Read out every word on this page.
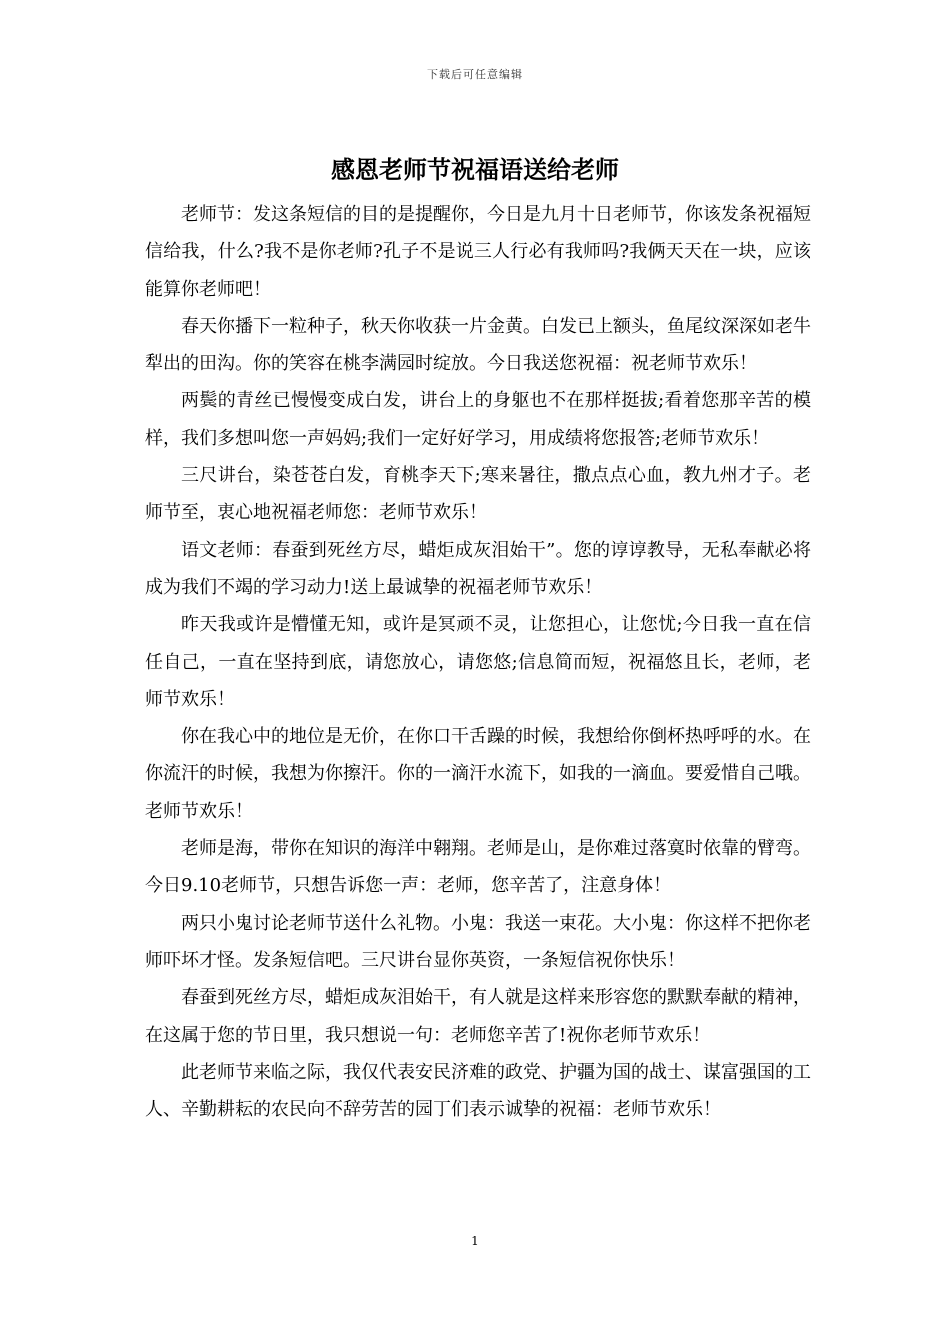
下载后可任意编辑
感恩老师节祝福语送给老师

老师节：发这条短信的目的是提醒你，今日是九月十日老师节，你该发条祝福短信给我，什么?我不是你老师?孔子不是说三人行必有我师吗?我俩天天在一块，应该能算你老师吧！

春天你播下一粒种子，秋天你收获一片金黄。白发已上额头，鱼尾纹深深如老牛犁出的田沟。你的笑容在桃李满园时绽放。今日我送您祝福：祝老师节欢乐！

两鬓的青丝已慢慢变成白发，讲台上的身躯也不在那样挺拔;看着您那辛苦的模样，我们多想叫您一声妈妈;我们一定好好学习，用成绩将您报答;老师节欢乐！

三尺讲台，染苍苍白发，育桃李天下;寒来暑往，撒点点心血，教九州才子。老师节至，衷心地祝福老师您：老师节欢乐！

语文老师：春蚕到死丝方尽，蜡炬成灰泪始干”。您的谆谆教导，无私奉献必将成为我们不竭的学习动力!送上最诚挚的祝福老师节欢乐！

昨天我或许是懵懂无知，或许是冥顽不灵，让您担心，让您忧;今日我一直在信任自己，一直在坚持到底，请您放心，请您悠;信息简而短，祝福悠且长，老师，老师节欢乐！

你在我心中的地位是无价，在你口干舌躁的时候，我想给你倒杯热呼呼的水。在你流汗的时候，我想为你擦汗。你的一滴汗水流下，如我的一滴血。要爱惜自己哦。老师节欢乐！

老师是海，带你在知识的海洋中翱翔。老师是山，是你难过落寞时依靠的臂弯。今日9.10老师节，只想告诉您一声：老师，您辛苦了，注意身体！

两只小鬼讨论老师节送什么礼物。小鬼：我送一束花。大小鬼：你这样不把你老师吓坏才怪。发条短信吧。三尺讲台显你英资，一条短信祝你快乐！

春蚕到死丝方尽，蜡炬成灰泪始干，有人就是这样来形容您的默默奉献的精神，在这属于您的节日里，我只想说一句：老师您辛苦了!祝你老师节欢乐！

此老师节来临之际，我仅代表安民济难的政党、护疆为国的战士、谋富强国的工人、辛勤耕耘的农民向不辞劳苦的园丁们表示诚挚的祝福：老师节欢乐！

1
